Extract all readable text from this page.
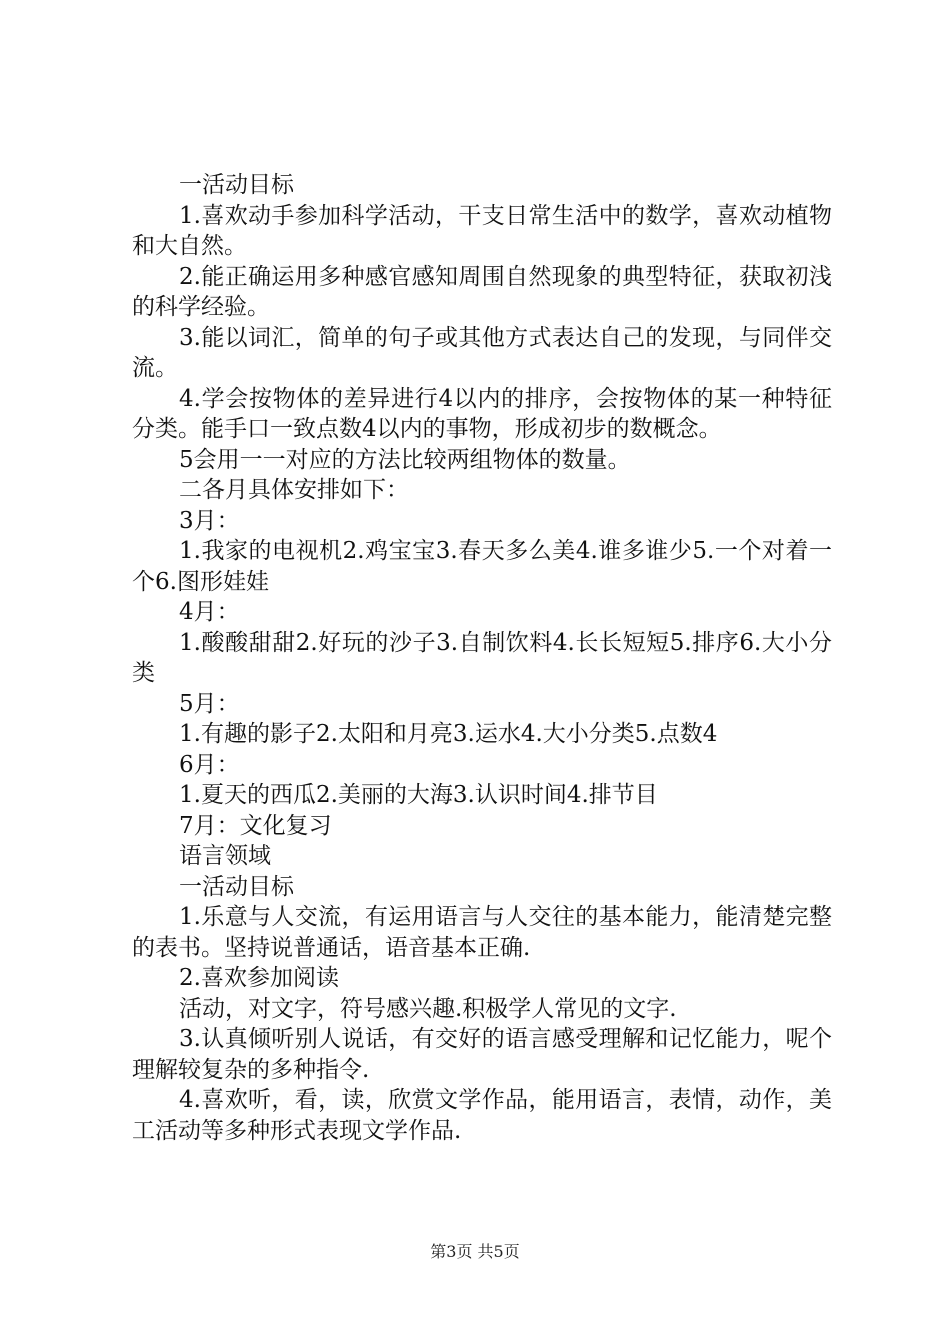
一活动目标

1.喜欢动手参加科学活动，干支日常生活中的数学，喜欢动植物和大自然。

2.能正确运用多种感官感知周围自然现象的典型特征，获取初浅的科学经验。

3.能以词汇，简单的句子或其他方式表达自己的发现，与同伴交流。

4.学会按物体的差异进行4以内的排序，会按物体的某一种特征分类。能手口一致点数4以内的事物，形成初步的数概念。

5会用一一对应的方法比较两组物体的数量。

二各月具体安排如下：

3月：

1.我家的电视机2.鸡宝宝3.春天多么美4.谁多谁少5.一个对着一个6.图形娃娃

4月：

1.酸酸甜甜2.好玩的沙子3.自制饮料4.长长短短5.排序6.大小分类

5月：

1.有趣的影子2.太阳和月亮3.运水4.大小分类5.点数4

6月：

1.夏天的西瓜2.美丽的大海3.认识时间4.排节目

7月：文化复习

语言领域

一活动目标

1.乐意与人交流，有运用语言与人交往的基本能力，能清楚完整的表书。坚持说普通话，语音基本正确.

2.喜欢参加阅读

活动，对文字，符号感兴趣.积极学人常见的文字.

3.认真倾听别人说话，有交好的语言感受理解和记忆能力，呢个理解较复杂的多种指令.

4.喜欢听，看，读，欣赏文学作品，能用语言，表情，动作，美工活动等多种形式表现文学作品.

第3页 共5页
